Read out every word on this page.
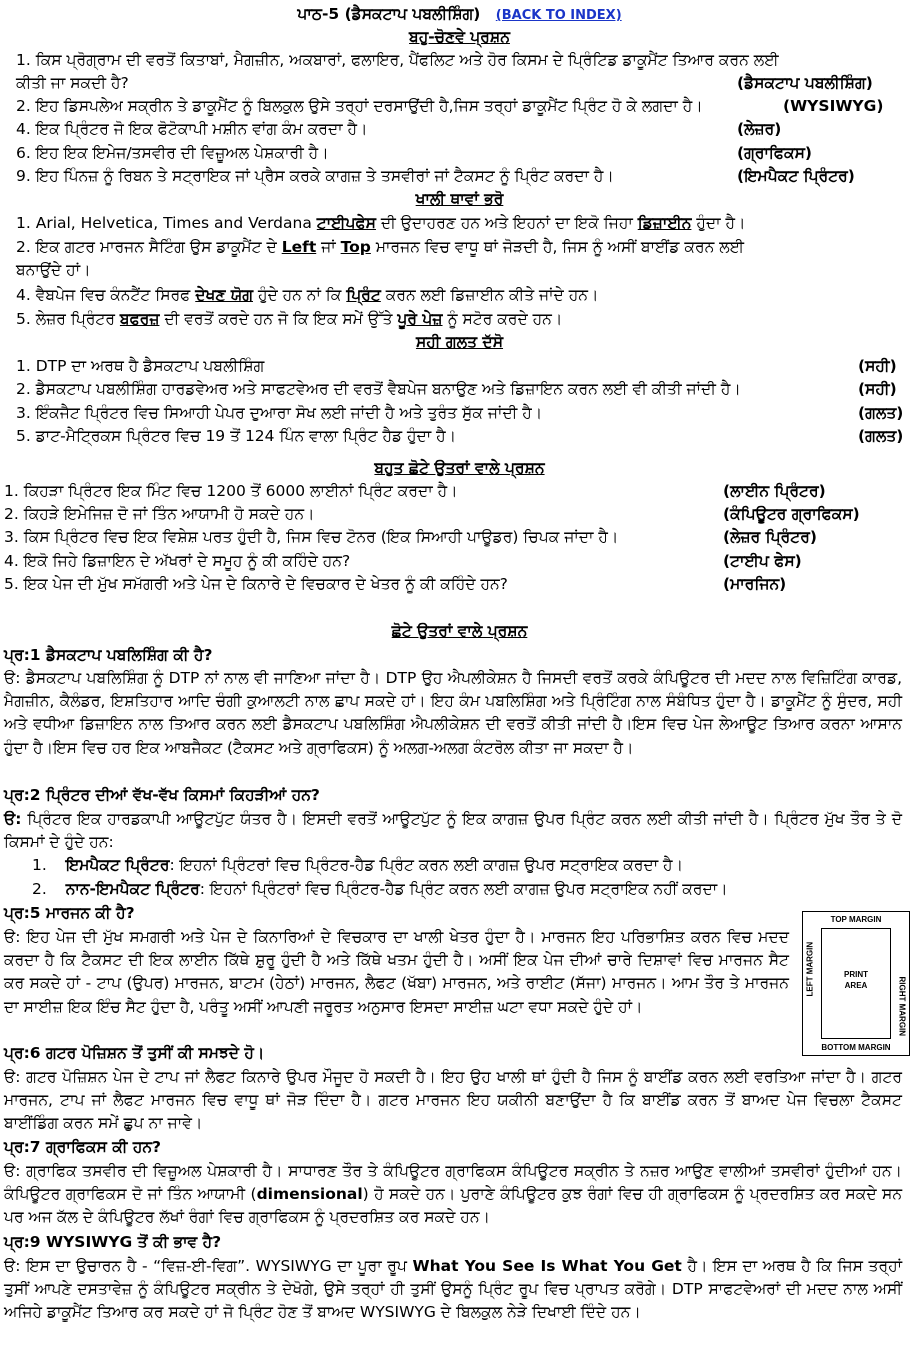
ਪਾਠ-5 (ਡੈਸਕਟਾਪ ਪਬਲੀਸ਼ਿੰਗ) (BACK TO INDEX)
ਬਹੁ-ਚੋਣਵੇ ਪ੍ਰਸ਼ਨ
1. ਕਿਸ ਪ੍ਰੋਗ੍ਰਾਮ ਦੀ ਵਰਤੋਂ ਕਿਤਾਬਾਂ, ਮੈਗਜ਼ੀਨ, ਅਕਬਾਰਾਂ, ਫਲਾਇਰ, ਪੈਂਫਲਿਟ ਅਤੇ ਹੋਰ ਕਿਸਮ ਦੇ ਪ੍ਰਿੰਟਿਡ ਡਾਕੂਮੈਂਟ ਤਿਆਰ ਕਰਨ ਲਈ
ਕੀਤੀ ਜਾ ਸਕਦੀ ਹੈ?	(ਡੈਸਕਟਾਪ ਪਬਲੀਸ਼ਿੰਗ)
2. ਇਹ ਡਿਸਪਲੇਅ ਸਕ੍ਰੀਨ ਤੇ ਡਾਕੂਮੈਂਟ ਨੂੰ ਬਿਲਕੁਲ ਉਸੇ ਤਰ੍ਹਾਂ ਦਰਸਾਉਂਦੀ ਹੈ,ਜਿਸ ਤਰ੍ਹਾਂ ਡਾਕੂਮੈਂਟ ਪ੍ਰਿੰਟ ਹੋ ਕੇ ਲਗਦਾ ਹੈ।	(WYSIWYG)
4. ਇਕ ਪ੍ਰਿੰਟਰ ਜੋ ਇਕ ਫੋਟੋਕਾਪੀ ਮਸ਼ੀਨ ਵਾਂਗ ਕੰਮ ਕਰਦਾ ਹੈ।	(ਲੇਜ਼ਰ)
6. ਇਹ ਇਕ ਇਮੇਜ/ਤਸਵੀਰ ਦੀ ਵਿਜ਼ੂਅਲ ਪੇਸ਼ਕਾਰੀ ਹੈ।	(ਗ੍ਰਾਫਿਕਸ)
9. ਇਹ ਪਿੰਨਜ਼ ਨੂੰ ਰਿਬਨ ਤੇ ਸਟ੍ਰਾਇਕ ਜਾਂ ਪ੍ਰੈਸ ਕਰਕੇ ਕਾਗਜ਼ ਤੇ ਤਸਵੀਰਾਂ ਜਾਂ ਟੈਕਸਟ ਨੂੰ ਪ੍ਰਿੰਟ ਕਰਦਾ ਹੈ।	(ਇਮਪੈਕਟ ਪ੍ਰਿੰਟਰ)
ਖਾਲੀ ਥਾਵਾਂ ਭਰੋ
1. Arial, Helvetica, Times and Verdana ਟਾਈਪਫੇਸ ਦੀ ਉਦਾਹਰਣ ਹਨ ਅਤੇ ਇਹਨਾਂ ਦਾ ਇਕੋ ਜਿਹਾ ਡਿਜ਼ਾਈਨ ਹੁੰਦਾ ਹੈ।
2. ਇਕ ਗਟਰ ਮਾਰਜਨ ਸੈਟਿੰਗ ਉਸ ਡਾਕੂਮੈਂਟ ਦੇ Left ਜਾਂ Top ਮਾਰਜਨ ਵਿਚ ਵਾਧੂ ਥਾਂ ਜੋੜਦੀ ਹੈ, ਜਿਸ ਨੂੰ ਅਸੀਂ ਬਾਈਂਡ ਕਰਨ ਲਈ
ਬਨਾਉਂਦੇ ਹਾਂ।
4. ਵੈਬਪੇਜ ਵਿਚ ਕੰਨਟੈਂਟ ਸਿਰਫ ਦੇਖਣ ਯੋਗ ਹੁੰਦੇ ਹਨ ਨਾਂ ਕਿ ਪ੍ਰਿੰਟ ਕਰਨ ਲਈ ਡਿਜ਼ਾਈਨ ਕੀਤੇ ਜਾਂਦੇ ਹਨ।
5. ਲੇਜ਼ਰ ਪ੍ਰਿੰਟਰ ਬਫਰਜ਼ ਦੀ ਵਰਤੋਂ ਕਰਦੇ ਹਨ ਜੋ ਕਿ ਇਕ ਸਮੇਂ ਉੱਤੇ ਪੂਰੇ ਪੇਜ਼ ਨੂੰ ਸਟੋਰ ਕਰਦੇ ਹਨ।
ਸਹੀ ਗਲਤ ਦੱਸੋ
1. DTP ਦਾ ਅਰਥ ਹੈ ਡੈਸਕਟਾਪ ਪਬਲੀਸ਼ਿੰਗ	(ਸਹੀ)
2. ਡੈਸਕਟਾਪ ਪਬਲੀਸ਼ਿੰਗ ਹਾਰਡਵੇਅਰ ਅਤੇ ਸਾਫਟਵੇਅਰ ਦੀ ਵਰਤੋਂ ਵੈਬਪੇਜ ਬਨਾਉਣ ਅਤੇ ਡਿਜ਼ਾਇਨ ਕਰਨ ਲਈ ਵੀ ਕੀਤੀ ਜਾਂਦੀ ਹੈ।	(ਸਹੀ)
3. ਇੰਕਜੈਟ ਪ੍ਰਿੰਟਰ ਵਿਚ ਸਿਆਹੀ ਪੇਪਰ ਦੁਆਰਾ ਸੋਖ ਲਈ ਜਾਂਦੀ ਹੈ ਅਤੇ ਤੁਰੰਤ ਸੁੱਕ ਜਾਂਦੀ ਹੈ।	(ਗਲਤ)
5. ਡਾਟ-ਮੈਟ੍ਰਿਕਸ ਪ੍ਰਿੰਟਰ ਵਿਚ 19 ਤੋਂ 124 ਪਿੰਨ ਵਾਲਾ ਪ੍ਰਿੰਟ ਹੈਡ ਹੁੰਦਾ ਹੈ।	(ਗਲਤ)
ਬਹੁਤ ਛੋਟੇ ਉਤਰਾਂ ਵਾਲੇ ਪ੍ਰਸ਼ਨ
1. ਕਿਹੜਾ ਪ੍ਰਿੰਟਰ ਇਕ ਮਿੰਟ ਵਿਚ 1200 ਤੋਂ 6000 ਲਾਈਨਾਂ ਪ੍ਰਿੰਟ ਕਰਦਾ ਹੈ।	(ਲਾਈਨ ਪ੍ਰਿੰਟਰ)
2. ਕਿਹੜੇ ਇਮੇਜਿਜ਼ ਦੋ ਜਾਂ ਤਿੰਨ ਆਯਾਮੀ ਹੋ ਸਕਦੇ ਹਨ।	(ਕੰਪਿਊਟਰ ਗ੍ਰਾਫਿਕਸ)
3. ਕਿਸ ਪ੍ਰਿੰਟਰ ਵਿਚ ਇਕ ਵਿਸ਼ੇਸ਼ ਪਰਤ ਹੁੰਦੀ ਹੈ, ਜਿਸ ਵਿਚ ਟੋਨਰ (ਇਕ ਸਿਆਹੀ ਪਾਊਡਰ) ਚਿਪਕ ਜਾਂਦਾ ਹੈ।	(ਲੇਜ਼ਰ ਪ੍ਰਿੰਟਰ)
4. ਇਕੋ ਜਿਹੇ ਡਿਜ਼ਾਇਨ ਦੇ ਅੱਖਰਾਂ ਦੇ ਸਮੂਹ ਨੂੰ ਕੀ ਕਹਿੰਦੇ ਹਨ?	(ਟਾਈਪ ਫੇਸ)
5. ਇਕ ਪੇਜ ਦੀ ਮੁੱਖ ਸਮੱਗਰੀ ਅਤੇ ਪੇਜ ਦੇ ਕਿਨਾਰੇ ਦੇ ਵਿਚਕਾਰ ਦੇ ਖੇਤਰ ਨੂੰ ਕੀ ਕਹਿੰਦੇ ਹਨ?	(ਮਾਰਜਿਨ)
ਛੋਟੇ ਉਤਰਾਂ ਵਾਲੇ ਪ੍ਰਸ਼ਨ
ਪ੍ਰ:1 ਡੈਸਕਟਾਪ ਪਬਲਿਸ਼ਿੰਗ ਕੀ ਹੈ?
ੳ: ਡੈਸਕਟਾਪ ਪਬਲਿਸ਼ਿੰਗ ਨੂੰ DTP ਨਾਂ ਨਾਲ ਵੀ ਜਾਣਿਆ ਜਾਂਦਾ ਹੈ। DTP ਉਹ ਐਪਲੀਕੇਸ਼ਨ ਹੈ ਜਿਸਦੀ ਵਰਤੋਂ ਕਰਕੇ ਕੰਪਿਊਟਰ ਦੀ ਮਦਦ ਨਾਲ ਵਿਜ਼ਿਟਿੰਗ ਕਾਰਡ, ਮੈਗਜ਼ੀਨ, ਕੈਲੰਡਰ, ਇਸ਼ਤਿਹਾਰ ਆਦਿ ਚੰਗੀ ਕੁਆਲਟੀ ਨਾਲ ਛਾਪ ਸਕਦੇ ਹਾਂ। ਇਹ ਕੰਮ ਪਬਲਿਸ਼ਿੰਗ ਅਤੇ ਪ੍ਰਿੰਟਿੰਗ ਨਾਲ ਸੰਬੰਧਿਤ ਹੁੰਦਾ ਹੈ। ਡਾਕੂਮੈਂਟ ਨੂੰ ਸੁੰਦਰ, ਸਹੀ ਅਤੇ ਵਧੀਆ ਡਿਜ਼ਾਇਨ ਨਾਲ ਤਿਆਰ ਕਰਨ ਲਈ ਡੈਸਕਟਾਪ ਪਬਲਿਸ਼ਿੰਗ ਐਪਲੀਕੇਸ਼ਨ ਦੀ ਵਰਤੋਂ ਕੀਤੀ ਜਾਂਦੀ ਹੈ।ਇਸ ਵਿਚ ਪੇਜ ਲੇਆਊਟ ਤਿਆਰ ਕਰਨਾ ਆਸਾਨ ਹੁੰਦਾ ਹੈ।ਇਸ ਵਿਚ ਹਰ ਇਕ ਆਬਜੈਕਟ (ਟੈਕਸਟ ਅਤੇ ਗ੍ਰਾਫਿਕਸ) ਨੂੰ ਅਲਗ-ਅਲਗ ਕੰਟਰੋਲ ਕੀਤਾ ਜਾ ਸਕਦਾ ਹੈ।
ਪ੍ਰ:2 ਪ੍ਰਿੰਟਰ ਦੀਆਂ ਵੱਖ-ਵੱਖ ਕਿਸਮਾਂ ਕਿਹੜੀਆਂ ਹਨ?
ੳ: ਪ੍ਰਿੰਟਰ ਇਕ ਹਾਰਡਕਾਪੀ ਆਊਟਪੁੱਟ ਯੰਤਰ ਹੈ। ਇਸਦੀ ਵਰਤੋਂ ਆਊਟਪੁੱਟ ਨੂੰ ਇਕ ਕਾਗਜ਼ ਉਪਰ ਪ੍ਰਿੰਟ ਕਰਨ ਲਈ ਕੀਤੀ ਜਾਂਦੀ ਹੈ। ਪ੍ਰਿੰਟਰ ਮੁੱਖ ਤੌਰ ਤੇ ਦੋ ਕਿਸਮਾਂ ਦੇ ਹੁੰਦੇ ਹਨ:
1. ਇਮਪੈਕਟ ਪ੍ਰਿੰਟਰ: ਇਹਨਾਂ ਪ੍ਰਿੰਟਰਾਂ ਵਿਚ ਪ੍ਰਿੰਟਰ-ਹੈਡ ਪ੍ਰਿੰਟ ਕਰਨ ਲਈ ਕਾਗਜ਼ ਉਪਰ ਸਟ੍ਰਾਇਕ ਕਰਦਾ ਹੈ।
2. ਨਾਨ-ਇਮਪੈਕਟ ਪ੍ਰਿੰਟਰ: ਇਹਨਾਂ ਪ੍ਰਿੰਟਰਾਂ ਵਿਚ ਪ੍ਰਿੰਟਰ-ਹੈਡ ਪ੍ਰਿੰਟ ਕਰਨ ਲਈ ਕਾਗਜ਼ ਉਪਰ ਸਟ੍ਰਾਇਕ ਨਹੀਂ ਕਰਦਾ।
ਪ੍ਰ:5 ਮਾਰਜਨ ਕੀ ਹੈ?
ੳ: ਇਹ ਪੇਜ ਦੀ ਮੁੱਖ ਸਮਗਰੀ ਅਤੇ ਪੇਜ ਦੇ ਕਿਨਾਰਿਆਂ ਦੇ ਵਿਚਕਾਰ ਦਾ ਖਾਲੀ ਖੇਤਰ ਹੁੰਦਾ ਹੈ। ਮਾਰਜਨ ਇਹ ਪਰਿਭਾਸ਼ਿਤ ਕਰਨ ਵਿਚ ਮਦਦ ਕਰਦਾ ਹੈ ਕਿ ਟੈਕਸਟ ਦੀ ਇਕ ਲਾਈਨ ਕਿੱਥੇ ਸ਼ੁਰੂ ਹੁੰਦੀ ਹੈ ਅਤੇ ਕਿੱਥੇ ਖਤਮ ਹੁੰਦੀ ਹੈ। ਅਸੀਂ ਇਕ ਪੇਜ ਦੀਆਂ ਚਾਰੇ ਦਿਸ਼ਾਵਾਂ ਵਿਚ ਮਾਰਜਨ ਸੈਟ ਕਰ ਸਕਦੇ ਹਾਂ - ਟਾਪ (ਉਪਰ) ਮਾਰਜਨ, ਬਾਟਮ (ਹੇਠਾਂ) ਮਾਰਜਨ, ਲੈਫਟ (ਖੱਬਾ) ਮਾਰਜਨ, ਅਤੇ ਰਾਈਟ (ਸੱਜਾ) ਮਾਰਜਨ। ਆਮ ਤੌਰ ਤੇ ਮਾਰਜਨ ਦਾ ਸਾਈਜ਼ ਇਕ ਇੰਚ ਸੈਟ ਹੁੰਦਾ ਹੈ, ਪਰੰਤੂ ਅਸੀਂ ਆਪਣੀ ਜਰੂਰਤ ਅਨੁਸਾਰ ਇਸਦਾ ਸਾਈਜ਼ ਘਟਾ ਵਧਾ ਸਕਦੇ ਹੁੰਦੇ ਹਾਂ।
TOP MARGIN
PRINT
AREA
LEFT MARGIN
RIGHT MARGIN
BOTTOM MARGIN
ਪ੍ਰ:6 ਗਟਰ ਪੋਜ਼ਿਸ਼ਨ ਤੋਂ ਤੁਸੀਂ ਕੀ ਸਮਝਦੇ ਹੋ।
ੳ: ਗਟਰ ਪੋਜ਼ਿਸ਼ਨ ਪੇਜ ਦੇ ਟਾਪ ਜਾਂ ਲੈਫਟ ਕਿਨਾਰੇ ਉਪਰ ਮੌਜੂਦ ਹੋ ਸਕਦੀ ਹੈ। ਇਹ ਉਹ ਖਾਲੀ ਥਾਂ ਹੁੰਦੀ ਹੈ ਜਿਸ ਨੂੰ ਬਾਈਂਡ ਕਰਨ ਲਈ ਵਰਤਿਆ ਜਾਂਦਾ ਹੈ। ਗਟਰ ਮਾਰਜਨ, ਟਾਪ ਜਾਂ ਲੈਫਟ ਮਾਰਜਨ ਵਿਚ ਵਾਧੂ ਥਾਂ ਜੋੜ ਦਿੰਦਾ ਹੈ। ਗਟਰ ਮਾਰਜਨ ਇਹ ਯਕੀਨੀ ਬਣਾਉਂਦਾ ਹੈ ਕਿ ਬਾਈਂਡ ਕਰਨ ਤੋਂ ਬਾਅਦ ਪੇਜ ਵਿਚਲਾ ਟੈਕਸਟ ਬਾਈਂਡਿੰਗ ਕਰਨ ਸਮੇਂ ਛੁਪ ਨਾ ਜਾਵੇ।
ਪ੍ਰ:7 ਗ੍ਰਾਫਿਕਸ ਕੀ ਹਨ?
ੳ: ਗ੍ਰਾਫਿਕ ਤਸਵੀਰ ਦੀ ਵਿਜ਼ੂਅਲ ਪੇਸ਼ਕਾਰੀ ਹੈ। ਸਾਧਾਰਣ ਤੌਰ ਤੇ ਕੰਪਿਊਟਰ ਗ੍ਰਾਫਿਕਸ ਕੰਪਿਊਟਰ ਸਕ੍ਰੀਨ ਤੇ ਨਜ਼ਰ ਆਉਣ ਵਾਲੀਆਂ ਤਸਵੀਰਾਂ ਹੁੰਦੀਆਂ ਹਨ। ਕੰਪਿਊਟਰ ਗ੍ਰਾਫਿਕਸ ਦੋ ਜਾਂ ਤਿੰਨ ਆਯਾਮੀ (dimensional) ਹੋ ਸਕਦੇ ਹਨ। ਪੁਰਾਣੇ ਕੰਪਿਊਟਰ ਕੁਝ ਰੰਗਾਂ ਵਿਚ ਹੀ ਗ੍ਰਾਫਿਕਸ ਨੂੰ ਪ੍ਰਦਰਸ਼ਿਤ ਕਰ ਸਕਦੇ ਸਨ ਪਰ ਅਜ ਕੱਲ ਦੇ ਕੰਪਿਊਟਰ ਲੱਖਾਂ ਰੰਗਾਂ ਵਿਚ ਗ੍ਰਾਫਿਕਸ ਨੂੰ ਪ੍ਰਦਰਸ਼ਿਤ ਕਰ ਸਕਦੇ ਹਨ।
ਪ੍ਰ:9 WYSIWYG ਤੋਂ ਕੀ ਭਾਵ ਹੈ?
ੳ: ਇਸ ਦਾ ਉਚਾਰਨ ਹੈ - “ਵਿਜ਼-ਈ-ਵਿਗ”. WYSIWYG ਦਾ ਪੂਰਾ ਰੂਪ What You See Is What You Get ਹੈ। ਇਸ ਦਾ ਅਰਥ ਹੈ ਕਿ ਜਿਸ ਤਰ੍ਹਾਂ ਤੁਸੀਂ ਆਪਣੇ ਦਸਤਾਵੇਜ਼ ਨੂੰ ਕੰਪਿਊਟਰ ਸਕ੍ਰੀਨ ਤੇ ਦੇਖੋਗੇ, ਉਸੇ ਤਰ੍ਹਾਂ ਹੀ ਤੁਸੀਂ ਉਸਨੂੰ ਪ੍ਰਿੰਟ ਰੂਪ ਵਿਚ ਪ੍ਰਾਪਤ ਕਰੋਗੇ। DTP ਸਾਫਟਵੇਅਰਾਂ ਦੀ ਮਦਦ ਨਾਲ ਅਸੀਂ ਅਜਿਹੇ ਡਾਕੂਮੈਂਟ ਤਿਆਰ ਕਰ ਸਕਦੇ ਹਾਂ ਜੋ ਪ੍ਰਿੰਟ ਹੋਣ ਤੋਂ ਬਾਅਦ WYSIWYG ਦੇ ਬਿਲਕੁਲ ਨੇੜੇ ਦਿਖਾਈ ਦਿੰਦੇ ਹਨ।
